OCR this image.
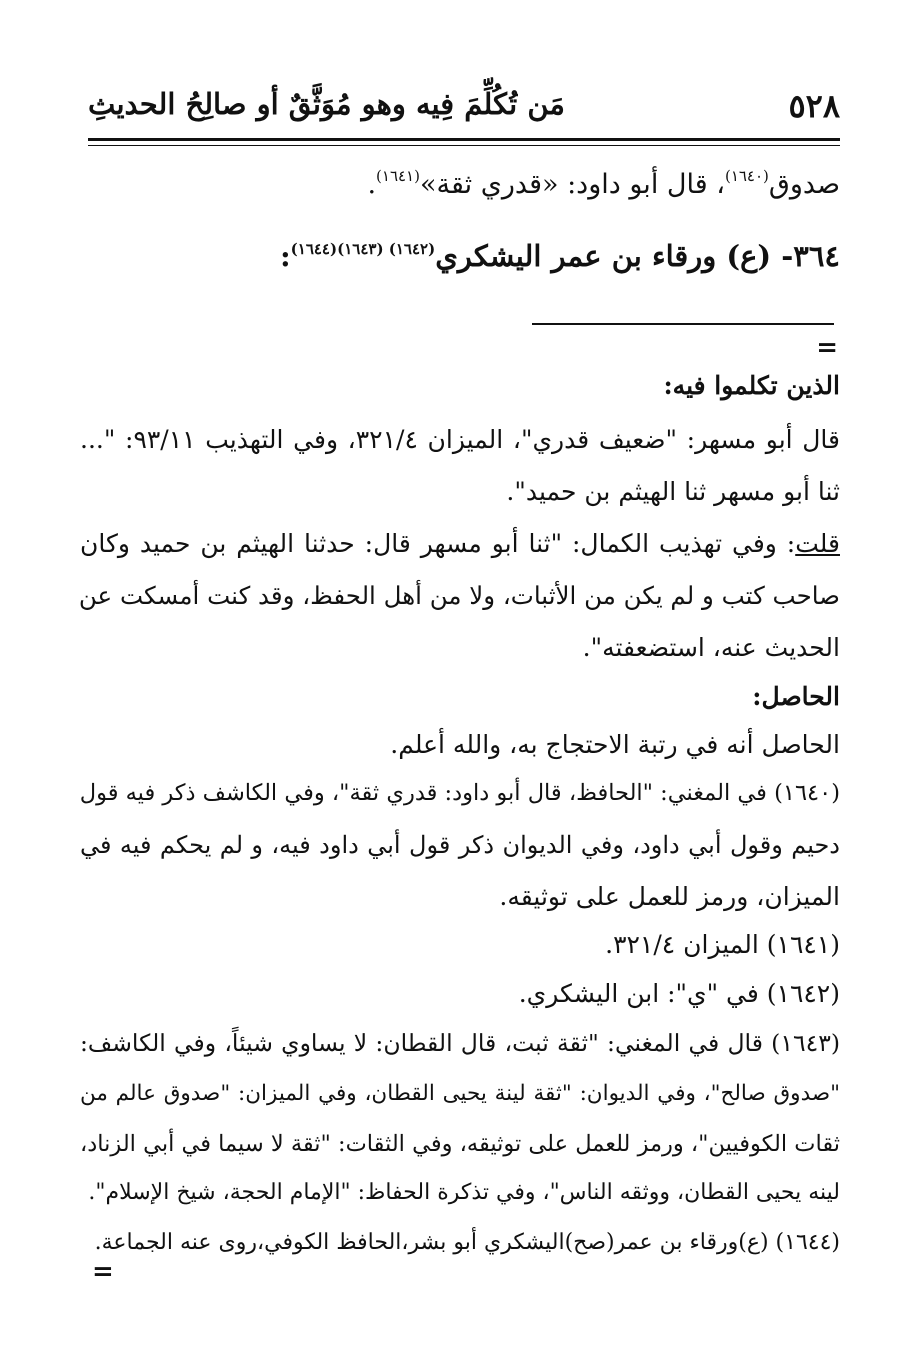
٥٢٨
مَن تُكُلِّمَ فِيه وهو مُوَثَّقٌ أو صالِحُ الحديثِ
صدوق$^{(١٦٤٠)}$، قال أبو داود: «قدري ثقة»$^{(١٦٤١)}$.
٣٦٤- (ع) ورقاء بن عمر اليشكري$^{(١٦٤٢) (١٦٤٣)(١٦٤٤)}$:
=
الذين تكلموا فيه:
قال أبو مسهر: "ضعيف قدري"، الميزان ٣٢١/٤، وفي التهذيب ٩٣/١١: "...
ثنا أبو مسهر ثنا الهيثم بن حميد".
قلت: وفي تهذيب الكمال: "ثنا أبو مسهر قال: حدثنا الهيثم بن حميد وكان
صاحب كتب و لم يكن من الأثبات، ولا من أهل الحفظ، وقد كنت أمسكت عن
الحديث عنه، استضعفته".
الحاصل:
الحاصل أنه في رتبة الاحتجاج به، والله أعلم.
(١٦٤٠) في المغني: "الحافظ، قال أبو داود: قدري ثقة"، وفي الكاشف ذكر فيه قول
دحيم وقول أبي داود، وفي الديوان ذكر قول أبي داود فيه، و لم يحكم فيه في
الميزان، ورمز للعمل على توثيقه.
(١٦٤١) الميزان ٣٢١/٤.
(١٦٤٢) في "ي": ابن اليشكري.
(١٦٤٣) قال في المغني: "ثقة ثبت، قال القطان: لا يساوي شيئاً، وفي الكاشف:
"صدوق صالح"، وفي الديوان: "ثقة لينة يحيى القطان، وفي الميزان: "صدوق عالم من
ثقات الكوفيين"، ورمز للعمل على توثيقه، وفي الثقات: "ثقة لا سيما في أبي الزناد،
لينه يحيى القطان، ووثقه الناس"، وفي تذكرة الحفاظ: "الإمام الحجة، شيخ الإسلام".
(١٦٤٤) (ع)ورقاء بن عمر(صح)اليشكري أبو بشر،الحافظ الكوفي،روى عنه الجماعة.
=
